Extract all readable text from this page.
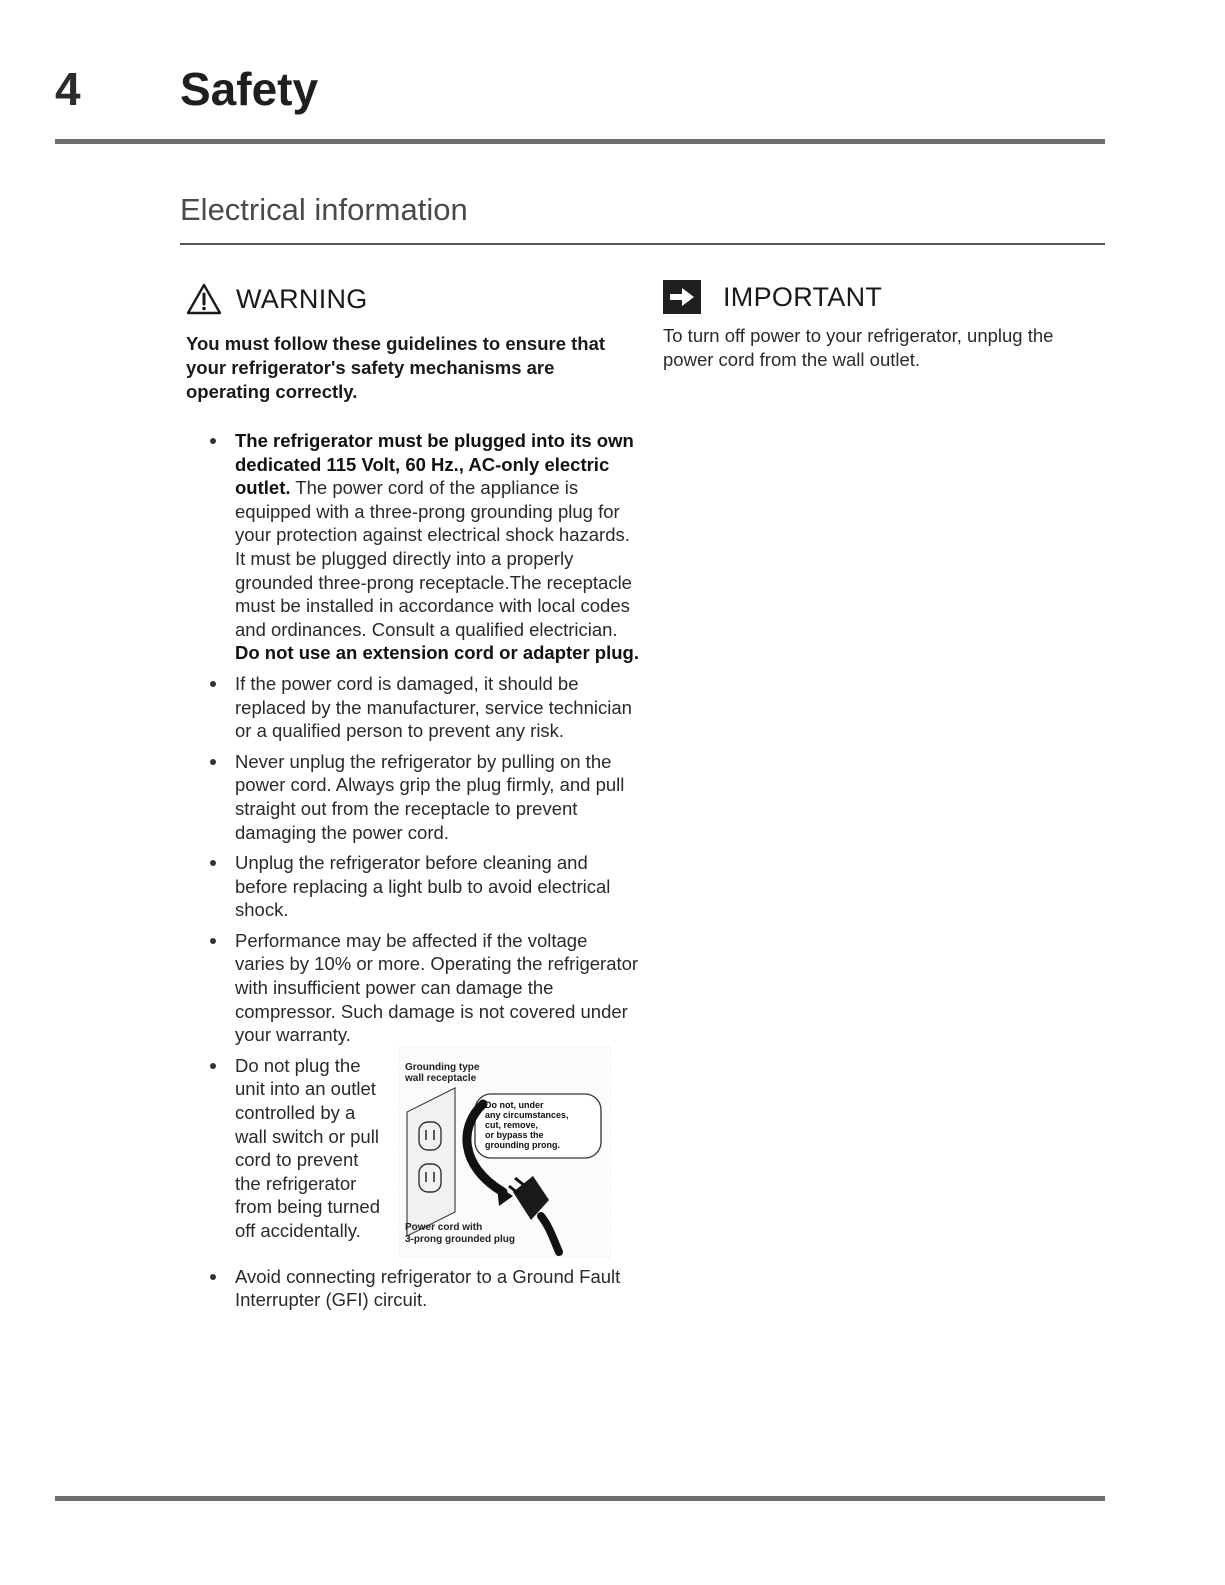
4 Safety
Electrical information
WARNING
You must follow these guidelines to ensure that your refrigerator's safety mechanisms are operating correctly.
The refrigerator must be plugged into its own dedicated 115 Volt, 60 Hz., AC-only electric outlet. The power cord of the appliance is equipped with a three-prong grounding plug for your protection against electrical shock hazards. It must be plugged directly into a properly grounded three-prong receptacle.The receptacle must be installed in accordance with local codes and ordinances. Consult a qualified electrician.
Do not use an extension cord or adapter plug.
If the power cord is damaged, it should be replaced by the manufacturer, service technician or a qualified person to prevent any risk.
Never unplug the refrigerator by pulling on the power cord. Always grip the plug firmly, and pull straight out from the receptacle to prevent damaging the power cord.
Unplug the refrigerator before cleaning and before replacing a light bulb to avoid electrical shock.
Performance may be affected if the voltage varies by 10% or more. Operating the refrigerator with insufficient power can damage the compressor. Such damage is not covered under your warranty.
Do not plug the unit into an outlet controlled by a wall switch or pull cord to prevent the refrigerator from being turned off accidentally.
Grounding type
wall receptacle
Do not, under
any circumstances,
cut, remove,
or bypass the
grounding prong.
Power cord with
3-prong grounded plug
Avoid connecting refrigerator to a Ground Fault Interrupter (GFI) circuit.
IMPORTANT
To turn off power to your refrigerator, unplug the power cord from the wall outlet.
